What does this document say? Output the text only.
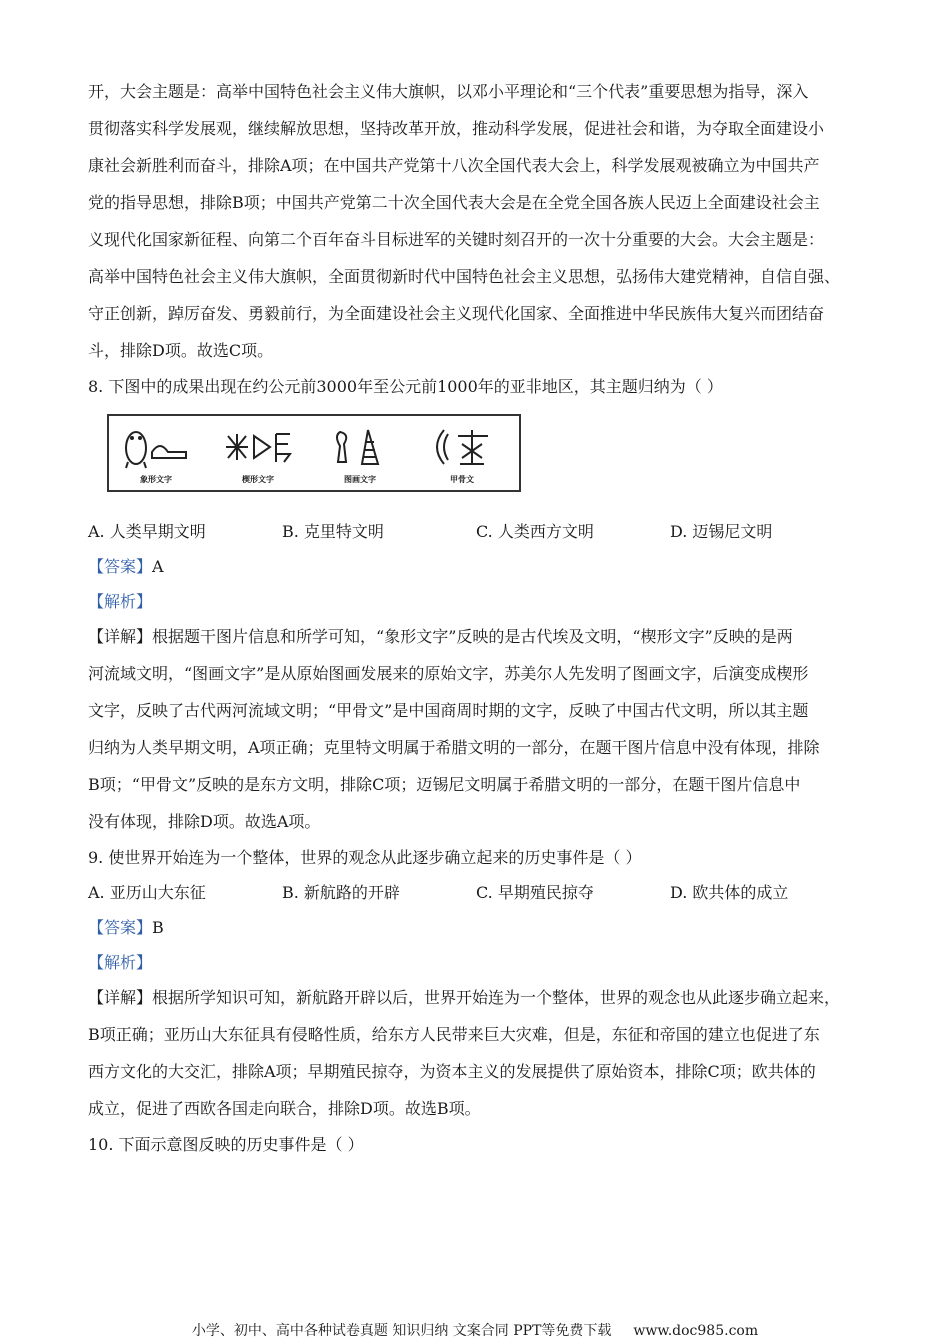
开，大会主题是：高举中国特色社会主义伟大旗帜，以邓小平理论和“三个代表”重要思想为指导，深入
贯彻落实科学发展观，继续解放思想，坚持改革开放，推动科学发展，促进社会和谐，为夺取全面建设小
康社会新胜利而奋斗，排除A项；在中国共产党第十八次全国代表大会上，科学发展观被确立为中国共产
党的指导思想，排除B项；中国共产党第二十次全国代表大会是在全党全国各族人民迈上全面建设社会主
义现代化国家新征程、向第二个百年奋斗目标进军的关键时刻召开的一次十分重要的大会。大会主题是：
高举中国特色社会主义伟大旗帜，全面贯彻新时代中国特色社会主义思想，弘扬伟大建党精神，自信自强、
守正创新，踔厉奋发、勇毅前行，为全面建设社会主义现代化国家、全面推进中华民族伟大复兴而团结奋
斗，排除D项。故选C项。
8. 下图中的成果出现在约公元前3000年至公元前1000年的亚非地区，其主题归纳为（ ）
象形文字	楔形文字	图画文字	甲骨文
A. 人类早期文明	B. 克里特文明	C. 人类西方文明	D. 迈锡尼文明
【答案】A
【解析】
【详解】根据题干图片信息和所学可知，“象形文字”反映的是古代埃及文明，“楔形文字”反映的是两
河流域文明，“图画文字”是从原始图画发展来的原始文字，苏美尔人先发明了图画文字，后演变成楔形
文字，反映了古代两河流域文明；“甲骨文”是中国商周时期的文字，反映了中国古代文明，所以其主题
归纳为人类早期文明，A项正确；克里特文明属于希腊文明的一部分，在题干图片信息中没有体现，排除
B项；“甲骨文”反映的是东方文明，排除C项；迈锡尼文明属于希腊文明的一部分，在题干图片信息中
没有体现，排除D项。故选A项。
9. 使世界开始连为一个整体，世界的观念从此逐步确立起来的历史事件是（ ）
A. 亚历山大东征	B. 新航路的开辟	C. 早期殖民掠夺	D. 欧共体的成立
【答案】B
【解析】
【详解】根据所学知识可知，新航路开辟以后，世界开始连为一个整体，世界的观念也从此逐步确立起来，
B项正确；亚历山大东征具有侵略性质，给东方人民带来巨大灾难，但是，东征和帝国的建立也促进了东
西方文化的大交汇，排除A项；早期殖民掠夺，为资本主义的发展提供了原始资本，排除C项；欧共体的
成立，促进了西欧各国走向联合，排除D项。故选B项。
10. 下面示意图反映的历史事件是（ ）
小学、初中、高中各种试卷真题 知识归纳 文案合同 PPT等免费下载 www.doc985.com
